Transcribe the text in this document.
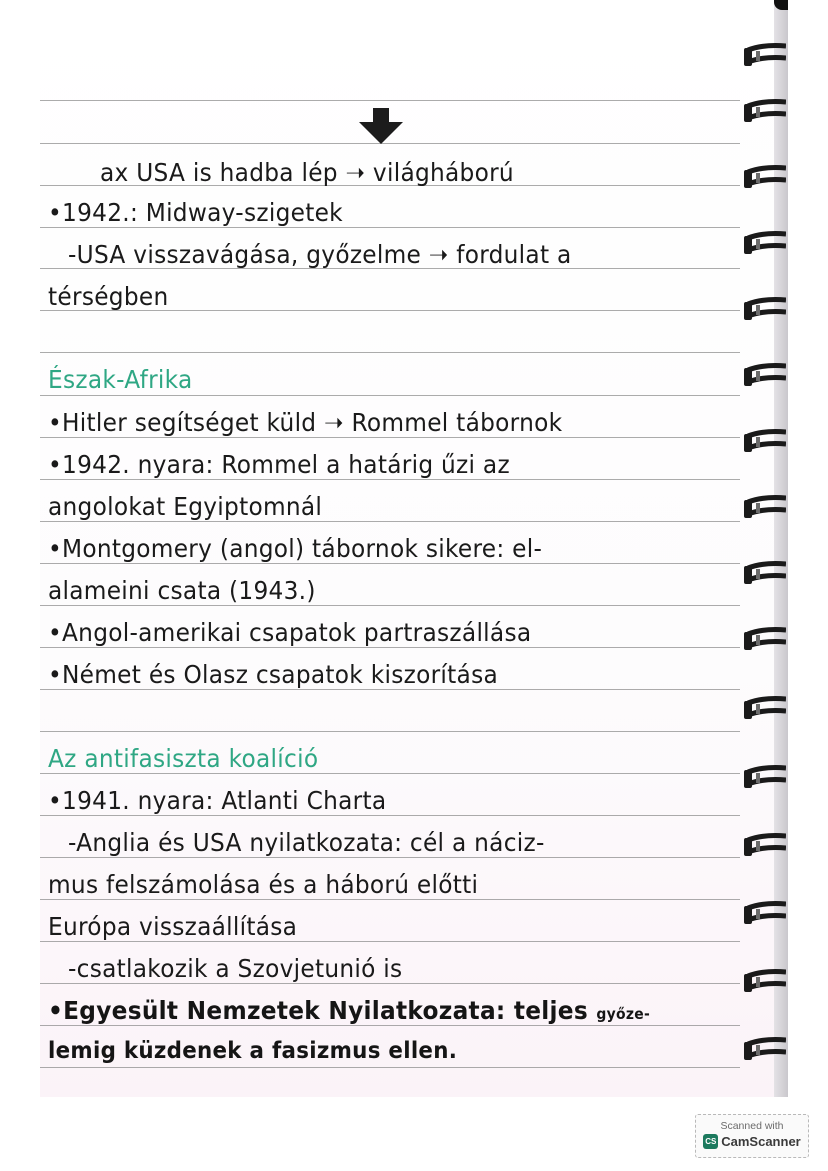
ax USA is hadba lép ➝ világháború
•1942.: Midway-szigetek
-USA visszavágása, győzelme ➝ fordulat a
térségben
Észak-Afrika
•Hitler segítséget küld ➝ Rommel tábornok
•1942. nyara: Rommel a határig űzi az
angolokat Egyiptomnál
•Montgomery (angol) tábornok sikere: el-
alameini csata (1943.)
•Angol-amerikai csapatok partraszállása
•Német és Olasz csapatok kiszorítása
Az antifasiszta koalíció
•1941. nyara: Atlanti Charta
-Anglia és USA nyilatkozata: cél a náciz-
mus felszámolása és a háború előtti
Európa visszaállítása
-csatlakozik a Szovjetunió is
•Egyesült Nemzetek Nyilatkozata: teljes győze-
lemig küzdenek a fasizmus ellen.
Scanned with
CS CamScanner
